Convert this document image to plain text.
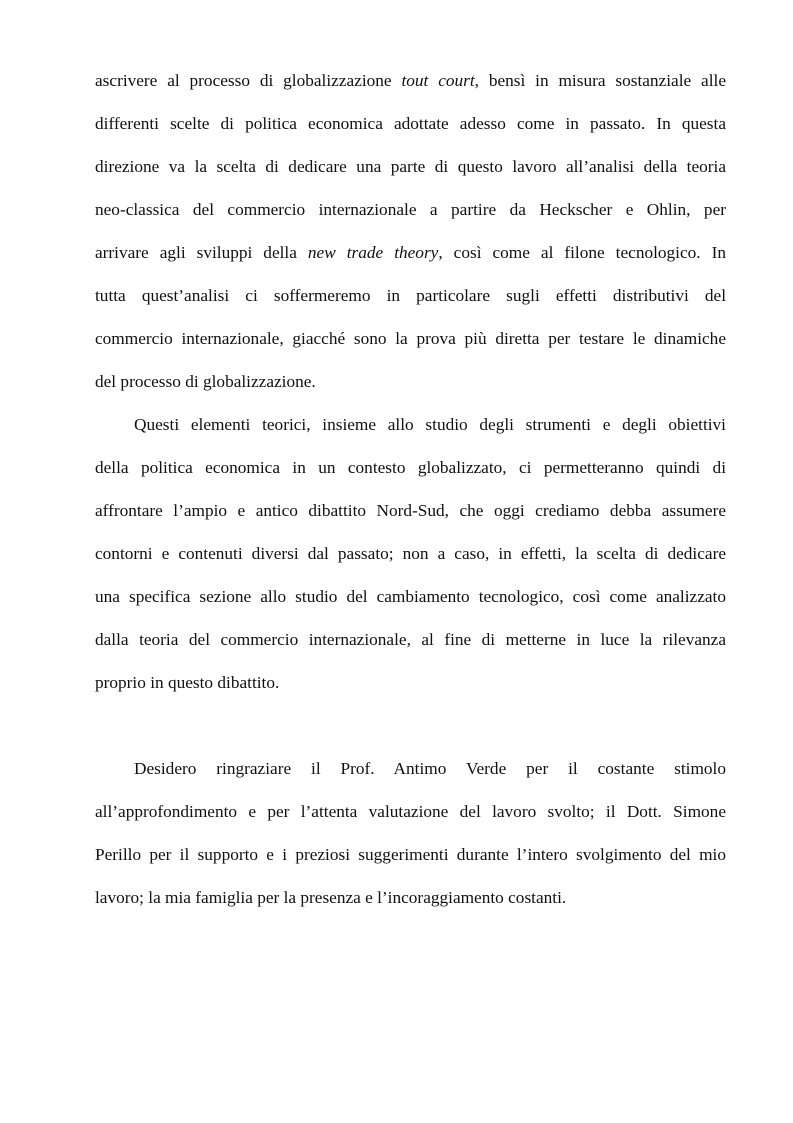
ascrivere al processo di globalizzazione tout court, bensì in misura sostanziale alle
differenti scelte di politica economica adottate adesso come in passato. In questa
direzione va la scelta di dedicare una parte di questo lavoro all’analisi della teoria
neo-classica del commercio internazionale a partire da Heckscher e Ohlin, per
arrivare agli sviluppi della new trade theory, così come al filone tecnologico. In
tutta quest’analisi ci soffermeremo in particolare sugli effetti distributivi del
commercio internazionale, giacché sono la prova più diretta per testare le dinamiche
del processo di globalizzazione.
Questi elementi teorici, insieme allo studio degli strumenti e degli obiettivi
della politica economica in un contesto globalizzato, ci permetteranno quindi di
affrontare l’ampio e antico dibattito Nord-Sud, che oggi crediamo debba assumere
contorni e contenuti diversi dal passato; non a caso, in effetti, la scelta di dedicare
una specifica sezione allo studio del cambiamento tecnologico, così come analizzato
dalla teoria del commercio internazionale, al fine di metterne in luce la rilevanza
proprio in questo dibattito.
Desidero ringraziare il Prof. Antimo Verde per il costante stimolo
all’approfondimento e per l’attenta valutazione del lavoro svolto; il Dott. Simone
Perillo per il supporto e i preziosi suggerimenti durante l’intero svolgimento del mio
lavoro; la mia famiglia per la presenza e l’incoraggiamento costanti.
